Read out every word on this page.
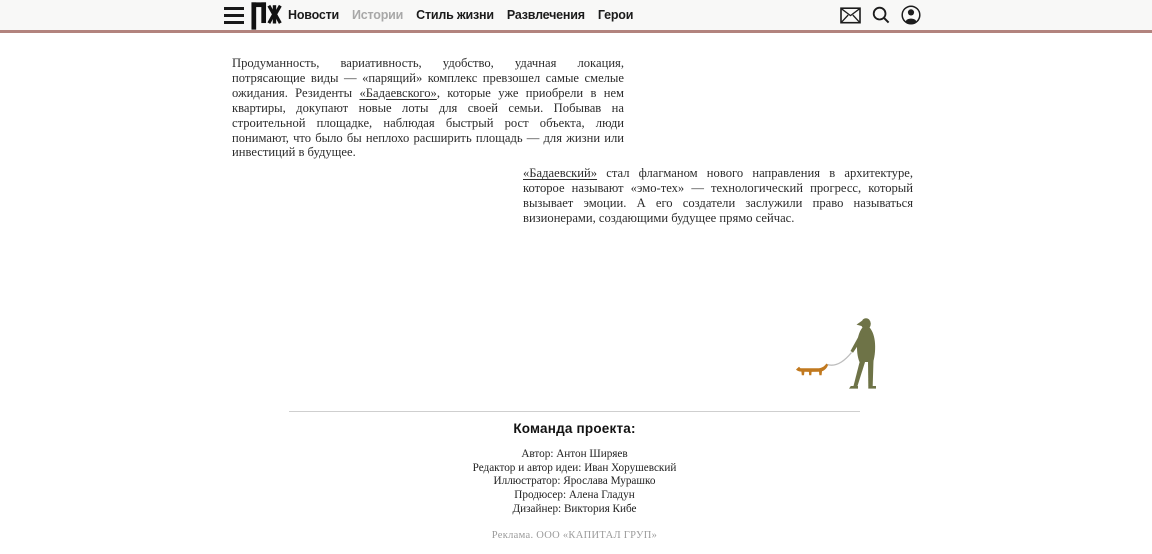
Новости Истории Стиль жизни Развлечения Герои

Продуманность, вариативность, удобство, удачная локация, потрясающие виды — «парящий» комплекс превзошел самые смелые ожидания. Резиденты «Бадаевского», которые уже приобрели в нем квартиры, докупают новые лоты для своей семьи. Побывав на строительной площадке, наблюдая быстрый рост объекта, люди понимают, что было бы неплохо расширить площадь — для жизни или инвестиций в будущее.

«Бадаевский» стал флагманом нового направления в архитектуре, которое называют «эмо-тех» — технологический прогресс, который вызывает эмоции. А его создатели заслужили право называться визионерами, создающими будущее прямо сейчас.

Команда проекта:
Автор: Антон Ширяев
Редактор и автор идеи: Иван Хорушевский
Иллюстратор: Ярослава Мурашко
Продюсер: Алена Гладун
Дизайнер: Виктория Кибе
Реклама. ООО «КАПИТАЛ ГРУП»
